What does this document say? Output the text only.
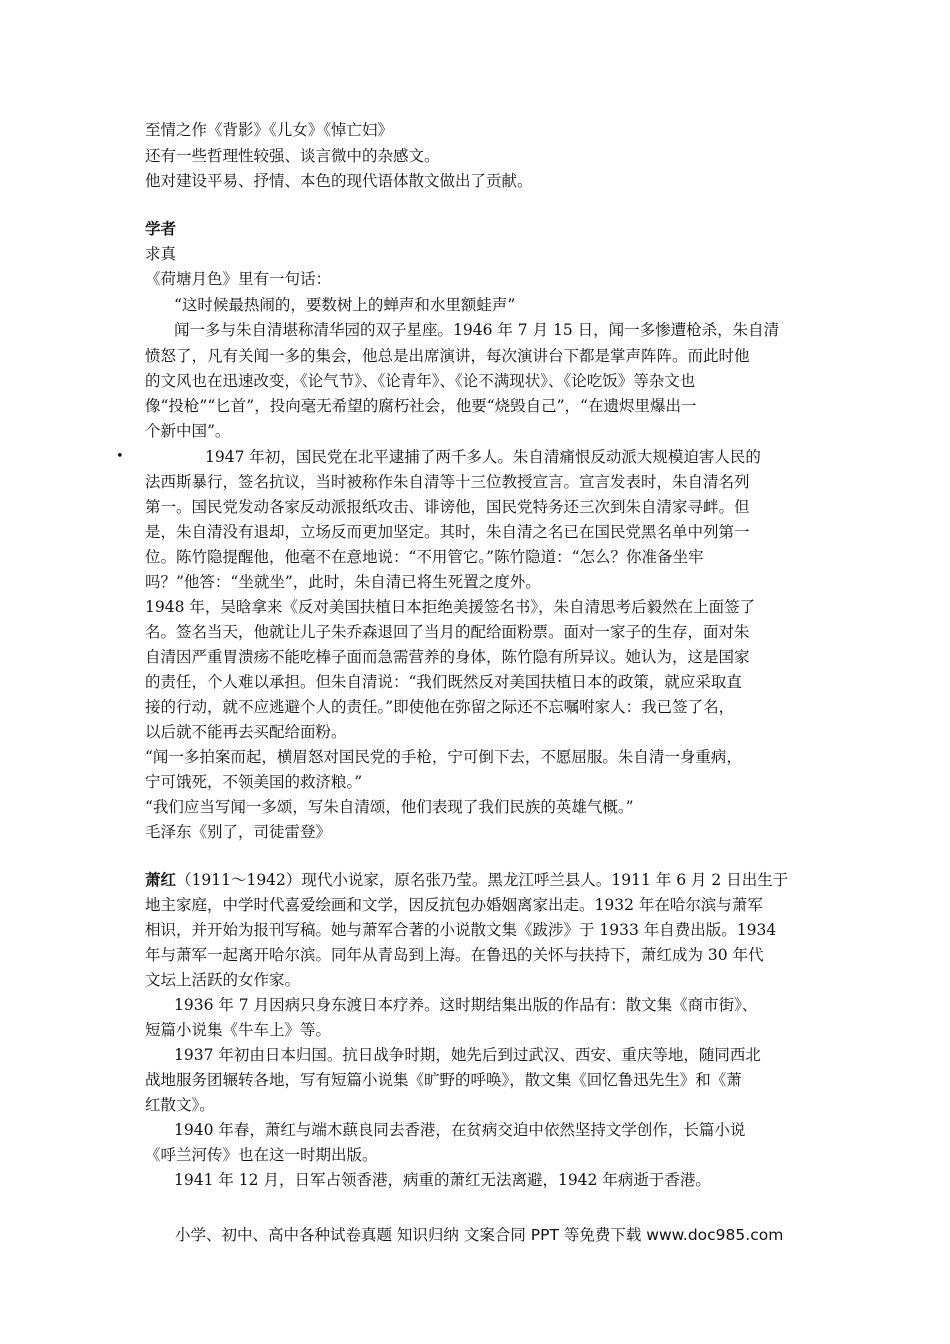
至情之作《背影》《儿女》《悼亡妇》
还有一些哲理性较强、谈言微中的杂感文。
他对建设平易、抒情、本色的现代语体散文做出了贡献。
学者
求真
《荷塘月色》里有一句话：
“这时候最热闹的，要数树上的蝉声和水里额蛙声”
闻一多与朱自清堪称清华园的双子星座。1946 年 7 月 15 日，闻一多惨遭枪杀，朱自清
愤怒了，凡有关闻一多的集会，他总是出席演讲，每次演讲台下都是掌声阵阵。而此时他
的文风也在迅速改变，《论气节》、《论青年》、《论不满现状》、《论吃饭》等杂文也
像“投枪”“匕首”，投向毫无希望的腐朽社会，他要“烧毁自己”，“在遗烬里爆出一
个新中国”。
•	1947 年初，国民党在北平逮捕了两千多人。朱自清痛恨反动派大规模迫害人民的
法西斯暴行，签名抗议，当时被称作朱自清等十三位教授宣言。宣言发表时，朱自清名列
第一。国民党发动各家反动派报纸攻击、诽谤他，国民党特务还三次到朱自清家寻衅。但
是，朱自清没有退却，立场反而更加坚定。其时，朱自清之名已在国民党黑名单中列第一
位。陈竹隐提醒他，他毫不在意地说：“不用管它。”陈竹隐道：“怎么？你准备坐牢
吗？”他答：“坐就坐”，此时，朱自清已将生死置之度外。
1948 年，吴晗拿来《反对美国扶植日本拒绝美援签名书》，朱自清思考后毅然在上面签了
名。签名当天，他就让儿子朱乔森退回了当月的配给面粉票。面对一家子的生存，面对朱
自清因严重胃溃疡不能吃棒子面而急需营养的身体，陈竹隐有所异议。她认为，这是国家
的责任，个人难以承担。但朱自清说：“我们既然反对美国扶植日本的政策，就应采取直
接的行动，就不应逃避个人的责任。”即使他在弥留之际还不忘嘱咐家人：我已签了名，
以后就不能再去买配给面粉。
“闻一多拍案而起，横眉怒对国民党的手枪，宁可倒下去，不愿屈服。朱自清一身重病，
宁可饿死，不领美国的救济粮。”
“我们应当写闻一多颂，写朱自清颂，他们表现了我们民族的英雄气概。”
毛泽东《别了，司徒雷登》
萧红（1911～1942）现代小说家，原名张乃莹。黑龙江呼兰县人。1911 年 6 月 2 日出生于
地主家庭，中学时代喜爱绘画和文学，因反抗包办婚姻离家出走。1932 年在哈尔滨与萧军
相识，并开始为报刊写稿。她与萧军合著的小说散文集《跋涉》于 1933 年自费出版。1934
年与萧军一起离开哈尔滨。同年从青岛到上海。在鲁迅的关怀与扶持下，萧红成为 30 年代
文坛上活跃的女作家。
1936 年 7 月因病只身东渡日本疗养。这时期结集出版的作品有：散文集《商市街》、
短篇小说集《牛车上》等。
1937 年初由日本归国。抗日战争时期，她先后到过武汉、西安、重庆等地，随同西北
战地服务团辗转各地，写有短篇小说集《旷野的呼唤》，散文集《回忆鲁迅先生》和《萧
红散文》。
1940 年春，萧红与端木蕻良同去香港，在贫病交迫中依然坚持文学创作，长篇小说
《呼兰河传》也在这一时期出版。
1941 年 12 月，日军占领香港，病重的萧红无法离避，1942 年病逝于香港。
小学、初中、高中各种试卷真题 知识归纳 文案合同 PPT 等免费下载 www.doc985.com
